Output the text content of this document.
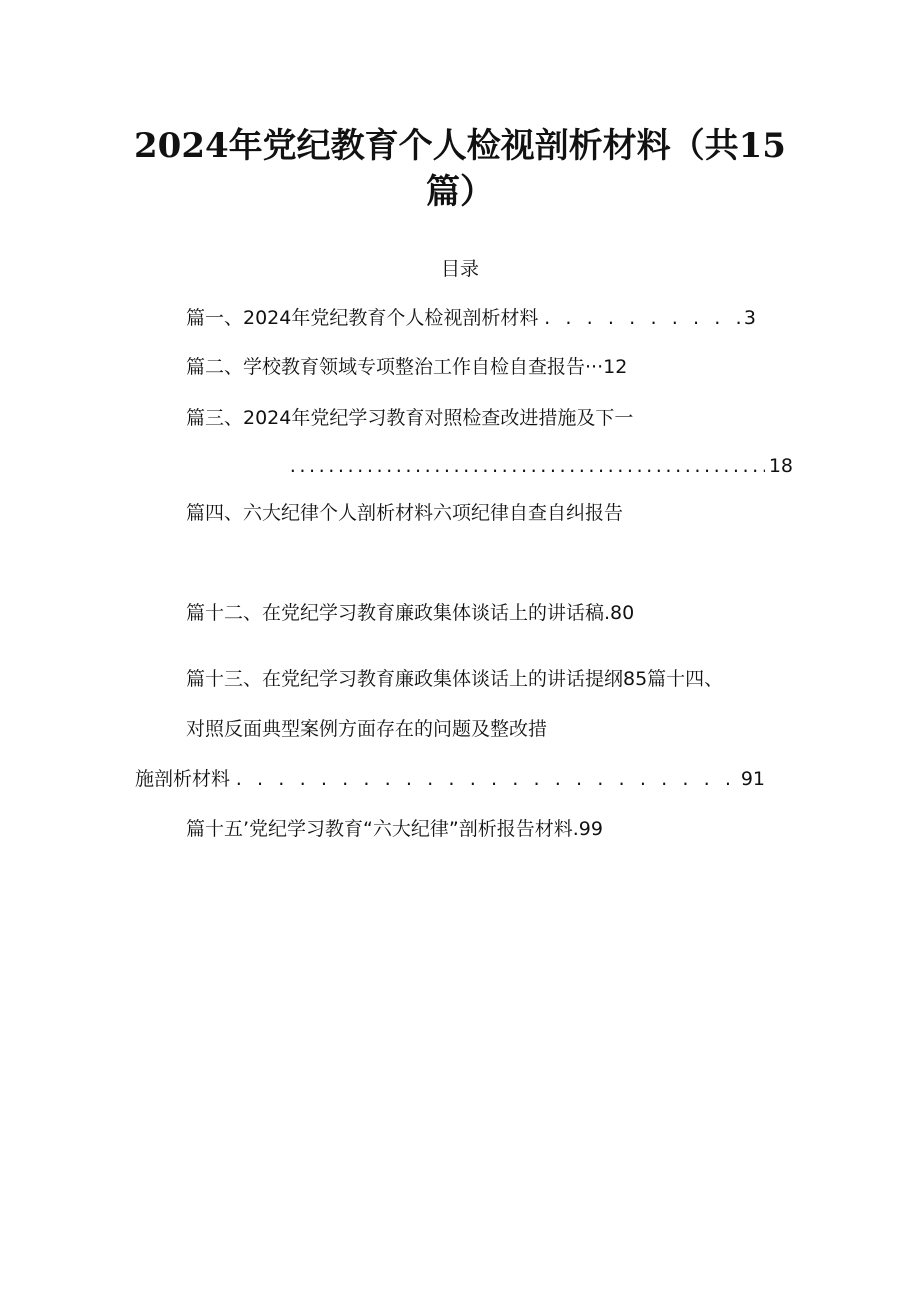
2024年党纪教育个人检视剖析材料（共15
篇）
目录
篇一、2024年党纪教育个人检视剖析材料 . . .	3
篇二、学校教育领域专项整治工作自检自查报告···12
篇三、2024年党纪学习教育对照检查改进措施及下一
.....
18
篇四、六大纪律个人剖析材料六项纪律自查自纠报告
篇十二、在党纪学习教育廉政集体谈话上的讲话稿.80
篇十三、在党纪学习教育廉政集体谈话上的讲话提纲85篇十四、
对照反面典型案例方面存在的问题及整改措
施剖析材料 . . .	91
篇十五’党纪学习教育“六大纪律”剖析报告材料.99
